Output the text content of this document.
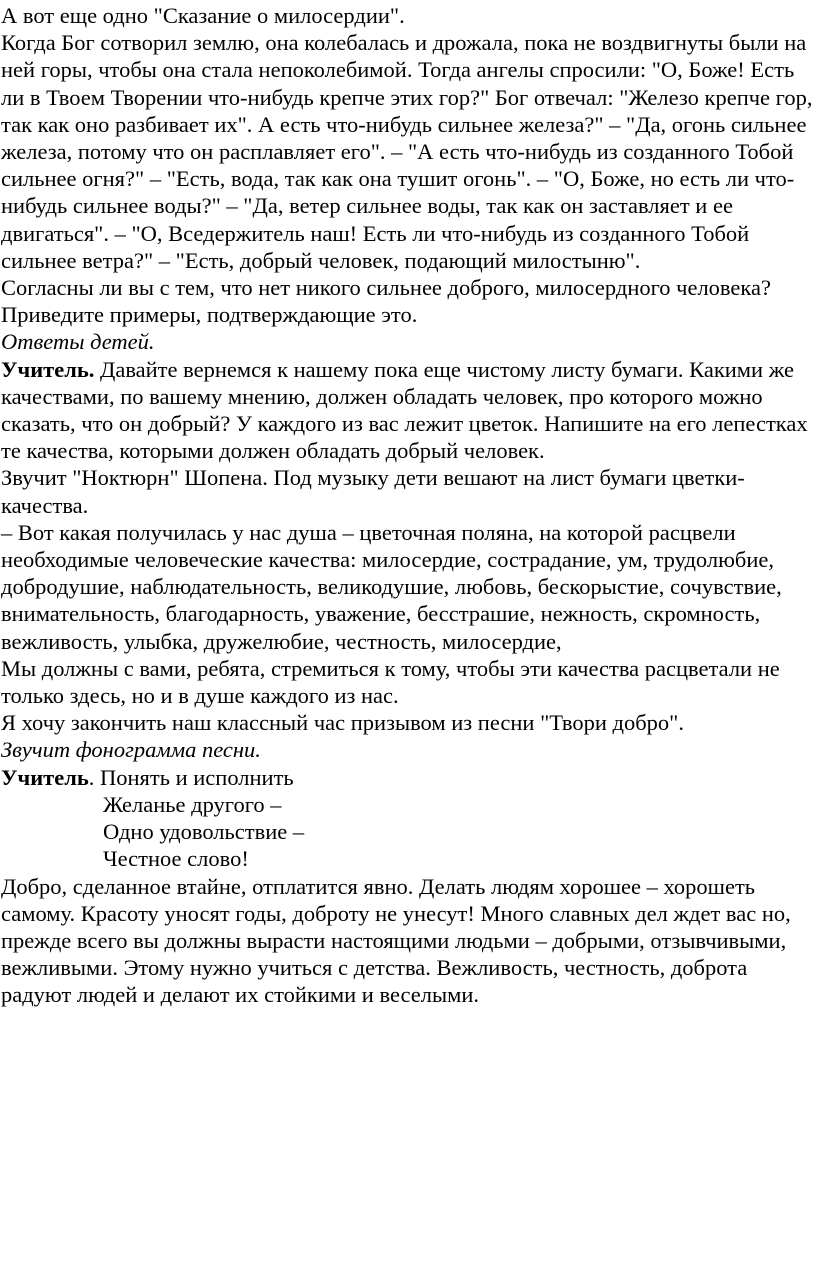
А вот еще одно "Сказание о милосердии".

Когда Бог сотворил землю, она колебалась и дрожала, пока не воздвигнуты были на ней горы, чтобы она стала непоколебимой. Тогда ангелы спросили: "О, Боже! Есть ли в Твоем Творении что-нибудь крепче этих гор?" Бог отвечал: "Железо крепче гор, так как оно разбивает их". А есть что-нибудь сильнее железа?" – "Да, огонь сильнее железа, потому что он расплавляет его". – "А есть что-нибудь из созданного Тобой сильнее огня?" – "Есть, вода, так как она тушит огонь". – "О, Боже, но есть ли что-нибудь сильнее воды?" – "Да, ветер сильнее воды, так как он заставляет и ее двигаться". – "О, Вседержитель наш! Есть ли что-нибудь из созданного Тобой сильнее ветра?" – "Есть, добрый человек, подающий милостыню".

Согласны ли вы с тем, что нет никого сильнее доброго, милосердного человека? Приведите примеры, подтверждающие это.

Ответы детей.

Учитель. Давайте вернемся к нашему пока еще чистому листу бумаги. Какими же качествами, по вашему мнению, должен обладать человек, про которого можно сказать, что он добрый? У каждого из вас лежит цветок. Напишите на его лепестках те качества, которыми должен обладать добрый человек.

Звучит "Ноктюрн" Шопена. Под музыку дети вешают на лист бумаги цветки-качества.

– Вот какая получилась у нас душа – цветочная поляна, на которой расцвели необходимые человеческие качества: милосердие, сострадание, ум, трудолюбие, добродушие, наблюдательность, великодушие, любовь, бескорыстие, сочувствие, внимательность, благодарность, уважение, бесстрашие, нежность, скромность, вежливость, улыбка, дружелюбие, честность, милосердие,

Мы должны с вами, ребята, стремиться к тому, чтобы эти качества расцветали не только здесь, но и в душе каждого из нас.

Я хочу закончить наш классный час призывом из песни "Твори добро".

Звучит фонограмма песни.

Учитель. Понять и исполнить

Желанье другого –

Одно удовольствие –

Честное слово!

Добро, сделанное втайне, отплатится явно. Делать людям хорошее – хорошеть самому. Красоту уносят годы, доброту не унесут! Много славных дел ждет вас но, прежде всего вы должны вырасти настоящими людьми – добрыми, отзывчивыми, вежливыми. Этому нужно учиться с детства. Вежливость, честность, доброта радуют людей и делают их стойкими и веселыми.
